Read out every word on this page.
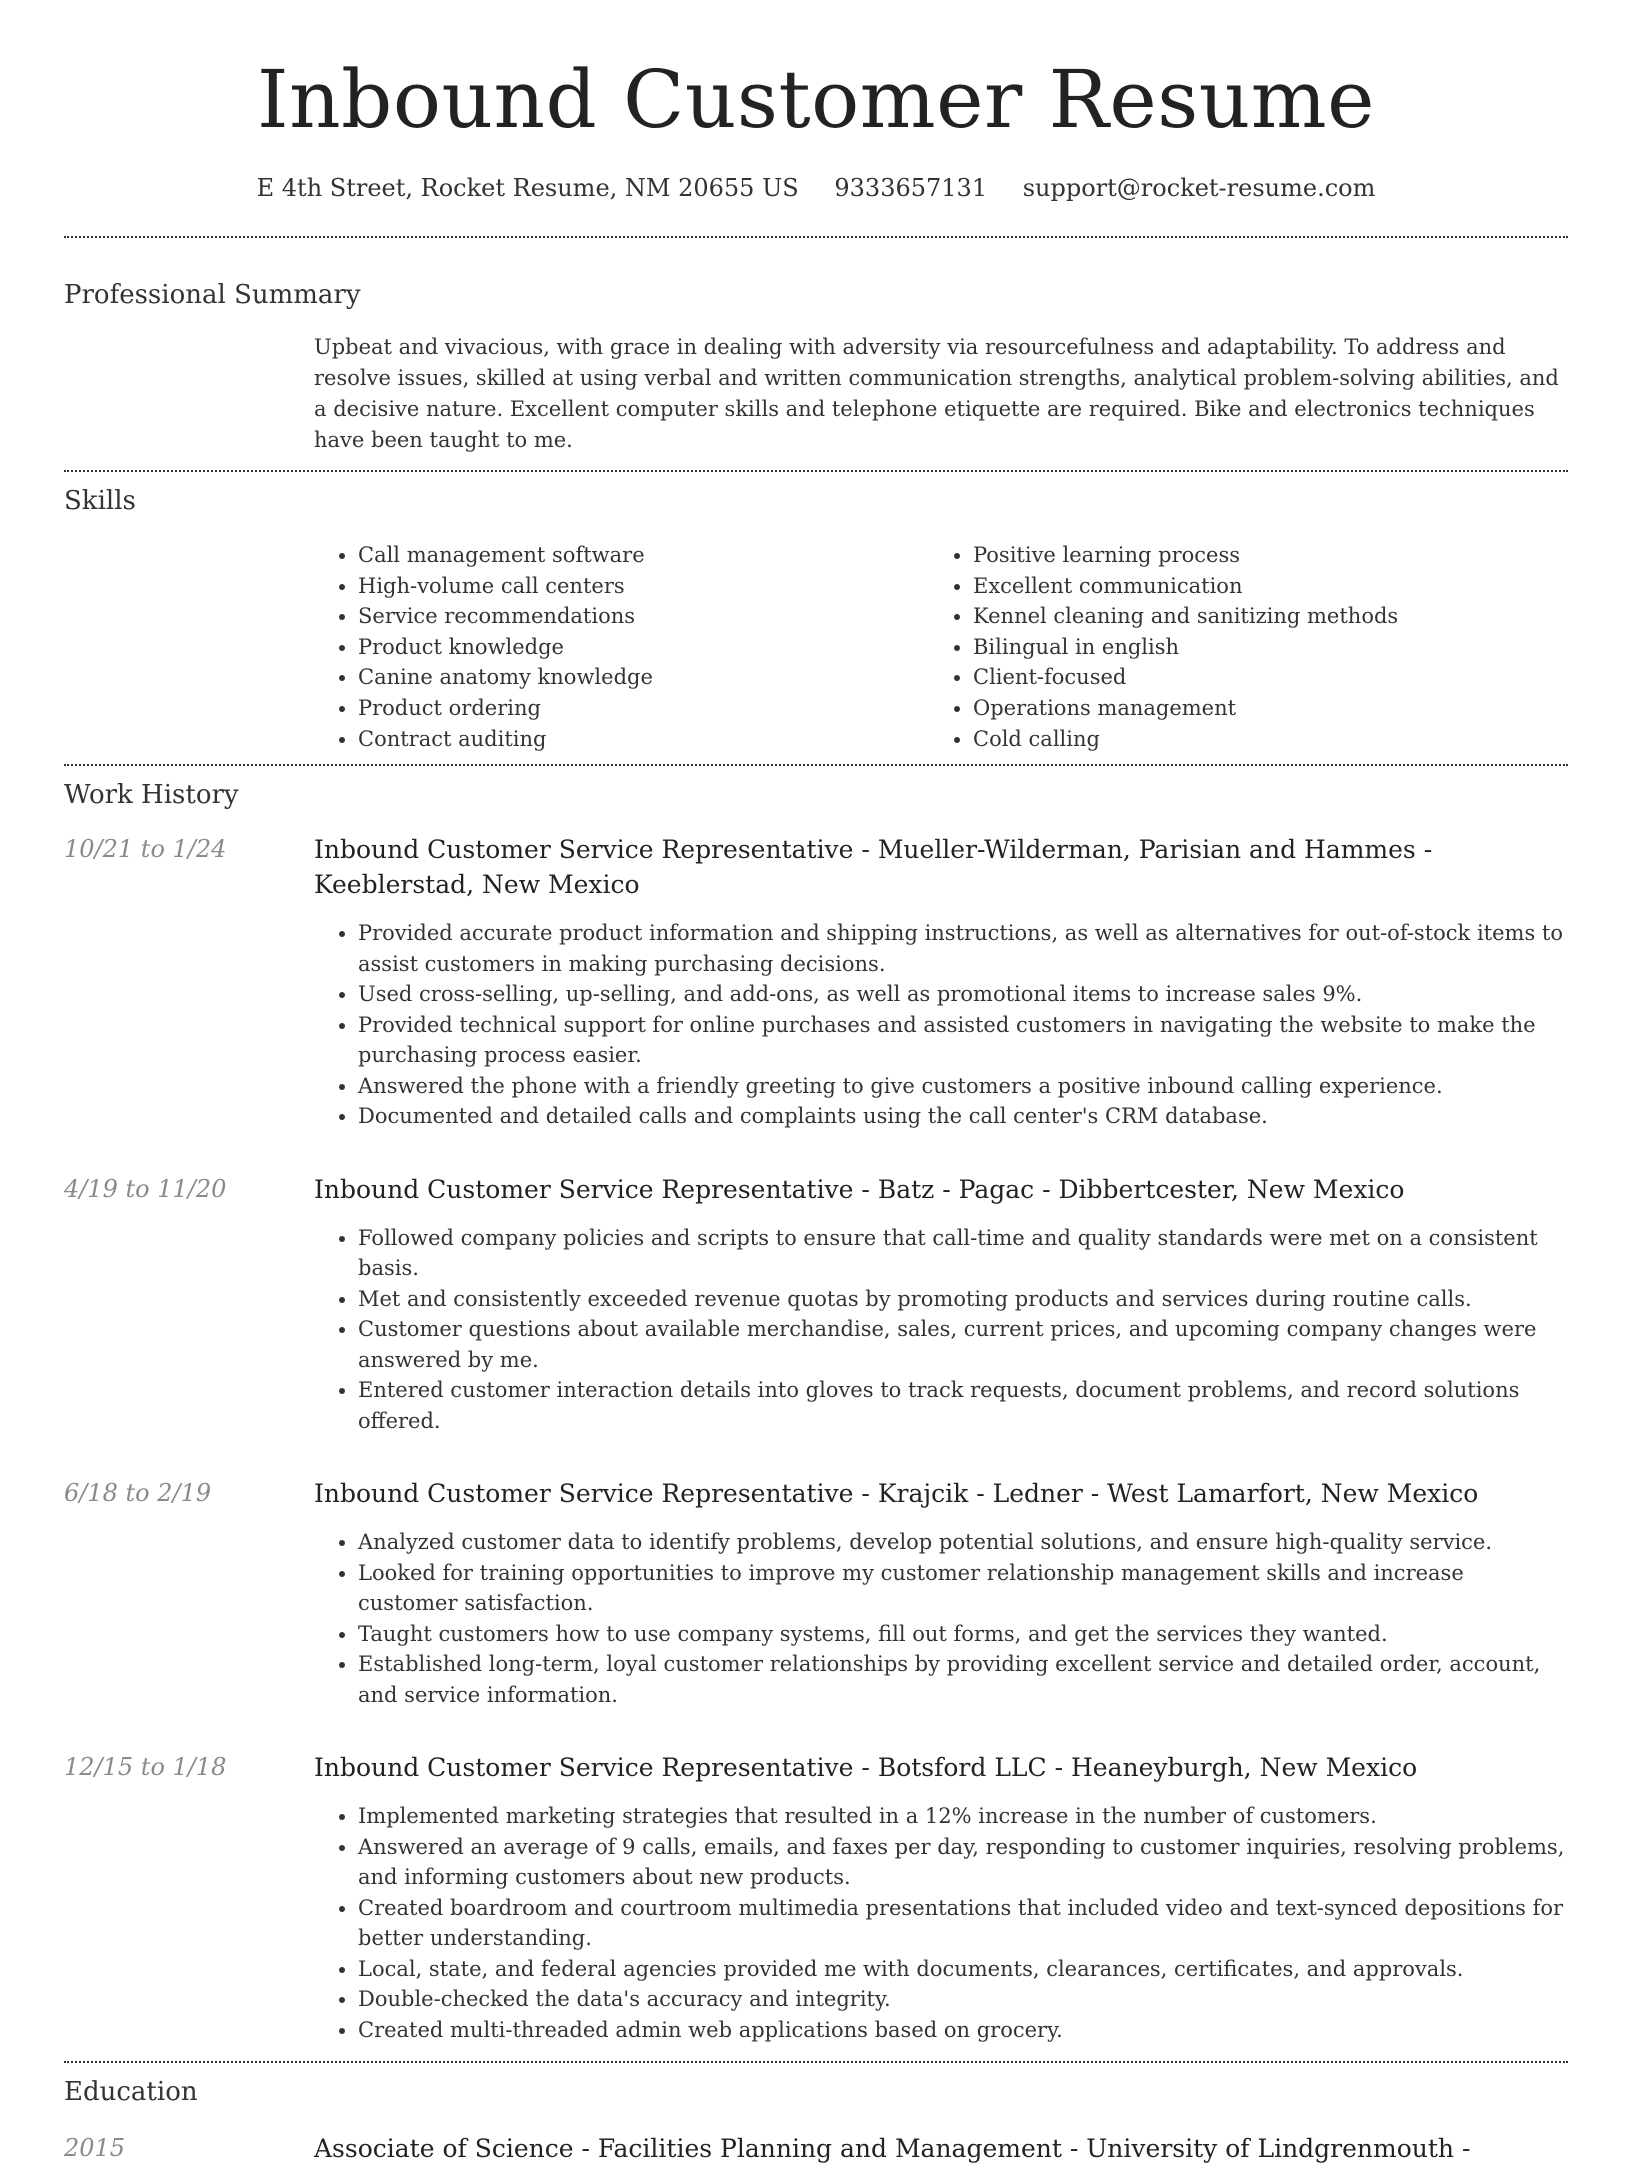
Inbound Customer Resume
E 4th Street, Rocket Resume, NM 20655 US 9333657131 support@rocket-resume.com
Professional Summary

Upbeat and vivacious, with grace in dealing with adversity via resourcefulness and adaptability. To address and resolve issues, skilled at using verbal and written communication strengths, analytical problem-solving abilities, and a decisive nature. Excellent computer skills and telephone etiquette are required. Bike and electronics techniques have been taught to me.

Skills
• Call management software
• High-volume call centers
• Service recommendations
• Product knowledge
• Canine anatomy knowledge
• Product ordering
• Contract auditing
• Positive learning process
• Excellent communication
• Kennel cleaning and sanitizing methods
• Bilingual in english
• Client-focused
• Operations management
• Cold calling
Work History
10/21 to 1/24	Inbound Customer Service Representative - Mueller-Wilderman, Parisian and Hammes - Keeblerstad, New Mexico
• Provided accurate product information and shipping instructions, as well as alternatives for out-of-stock items to assist customers in making purchasing decisions.
• Used cross-selling, up-selling, and add-ons, as well as promotional items to increase sales 9%.
• Provided technical support for online purchases and assisted customers in navigating the website to make the purchasing process easier.
• Answered the phone with a friendly greeting to give customers a positive inbound calling experience.
• Documented and detailed calls and complaints using the call center's CRM database.
4/19 to 11/20	Inbound Customer Service Representative - Batz - Pagac - Dibbertcester, New Mexico
• Followed company policies and scripts to ensure that call-time and quality standards were met on a consistent basis.
• Met and consistently exceeded revenue quotas by promoting products and services during routine calls.
• Customer questions about available merchandise, sales, current prices, and upcoming company changes were answered by me.
• Entered customer interaction details into gloves to track requests, document problems, and record solutions offered.
6/18 to 2/19	Inbound Customer Service Representative - Krajcik - Ledner - West Lamarfort, New Mexico
• Analyzed customer data to identify problems, develop potential solutions, and ensure high-quality service.
• Looked for training opportunities to improve my customer relationship management skills and increase customer satisfaction.
• Taught customers how to use company systems, fill out forms, and get the services they wanted.
• Established long-term, loyal customer relationships by providing excellent service and detailed order, account, and service information.
12/15 to 1/18	Inbound Customer Service Representative - Botsford LLC - Heaneyburgh, New Mexico
• Implemented marketing strategies that resulted in a 12% increase in the number of customers.
• Answered an average of 9 calls, emails, and faxes per day, responding to customer inquiries, resolving problems, and informing customers about new products.
• Created boardroom and courtroom multimedia presentations that included video and text-synced depositions for better understanding.
• Local, state, and federal agencies provided me with documents, clearances, certificates, and approvals.
• Double-checked the data's accuracy and integrity.
• Created multi-threaded admin web applications based on grocery.
Education
2015	Associate of Science - Facilities Planning and Management - University of Lindgrenmouth -
